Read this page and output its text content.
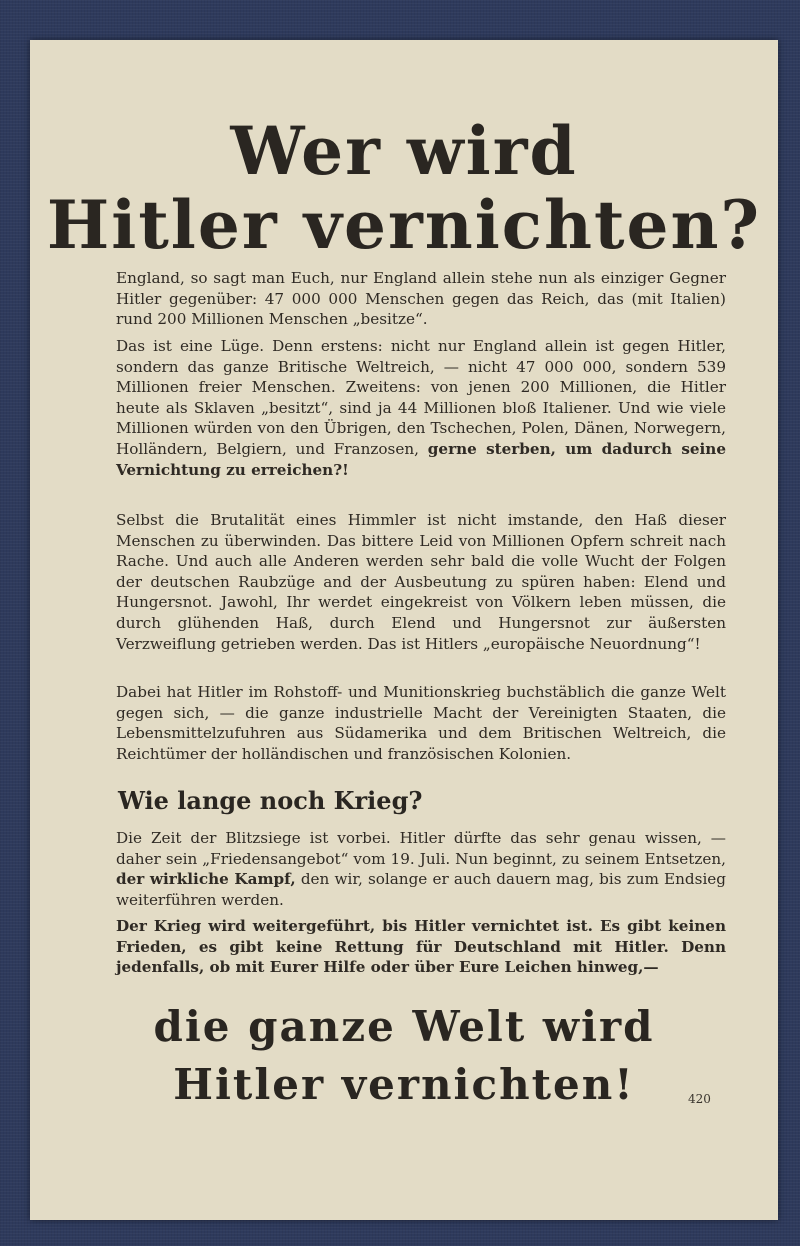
Wer wird
Hitler vernichten?
England, so sagt man Euch, nur England allein stehe nun als einziger Gegner Hitler gegenüber: 47 000 000 Menschen gegen das Reich, das (mit Italien) rund 200 Millionen Menschen „besitze“.
Das ist eine Lüge. Denn erstens: nicht nur England allein ist gegen Hitler, sondern das ganze Britische Weltreich, — nicht 47 000 000, sondern 539 Millionen freier Menschen. Zweitens: von jenen 200 Millionen, die Hitler heute als Sklaven „besitzt“, sind ja 44 Millionen bloß Italiener. Und wie viele Millionen würden von den Übrigen, den Tschechen, Polen, Dänen, Norwegern, Holländern, Belgiern, und Franzosen, gerne sterben, um dadurch seine Vernichtung zu erreichen?!
Selbst die Brutalität eines Himmler ist nicht imstande, den Haß dieser Menschen zu überwinden. Das bittere Leid von Millionen Opfern schreit nach Rache. Und auch alle Anderen werden sehr bald die volle Wucht der Folgen der deutschen Raubzüge and der Ausbeutung zu spüren haben: Elend und Hungersnot. Jawohl, Ihr werdet eingekreist von Völkern leben müssen, die durch glühenden Haß, durch Elend und Hungersnot zur äußersten Verzweiflung getrieben werden. Das ist Hitlers „europäische Neuordnung“!
Dabei hat Hitler im Rohstoff- und Munitionskrieg buchstäblich die ganze Welt gegen sich, — die ganze industrielle Macht der Vereinigten Staaten, die Lebensmittelzufuhren aus Südamerika und dem Britischen Weltreich, die Reichtümer der holländischen und französischen Kolonien.
Wie lange noch Krieg?
Die Zeit der Blitzsiege ist vorbei. Hitler dürfte das sehr genau wissen, — daher sein „Friedensangebot“ vom 19. Juli. Nun beginnt, zu seinem Entsetzen, der wirkliche Kampf, den wir, solange er auch dauern mag, bis zum Endsieg weiterführen werden.
Der Krieg wird weitergeführt, bis Hitler vernichtet ist. Es gibt keinen Frieden, es gibt keine Rettung für Deutschland mit Hitler. Denn jedenfalls, ob mit Eurer Hilfe oder über Eure Leichen hinweg,—
die ganze Welt wird
Hitler vernichten!	420
